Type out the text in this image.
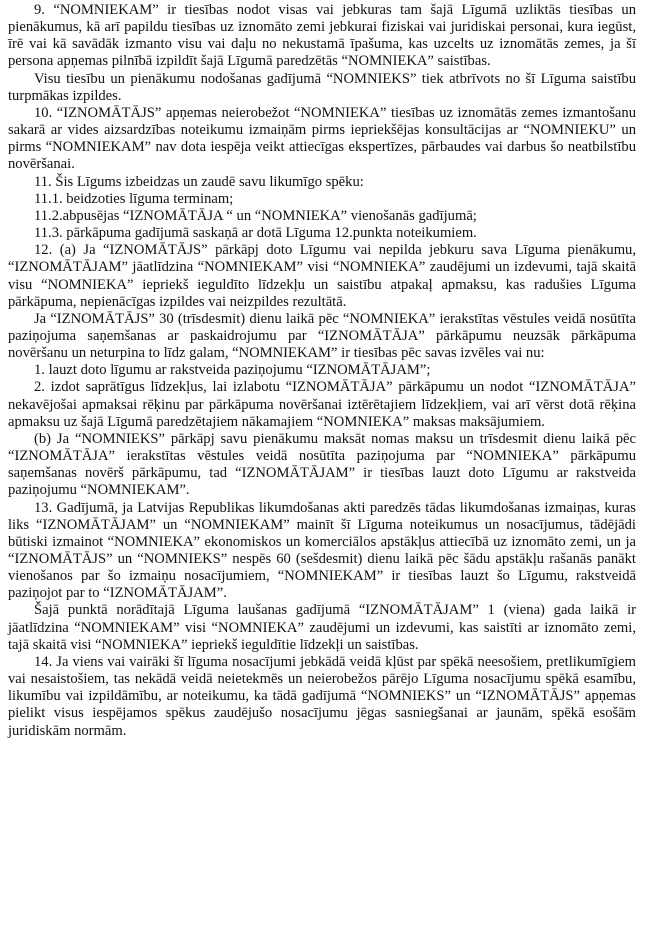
9. “NOMNIEKAM” ir tiesības nodot visas vai jebkuras tam šajā Līgumā uzliktās tiesības un pienākumus, kā arī papildu tiesības uz iznomāto zemi jebkurai fiziskai vai juridiskai personai, kura iegūst, īrē vai kā savādāk izmanto visu vai daļu no nekustamā īpašuma, kas uzcelts uz iznomātās zemes, ja šī persona apņemas pilnībā izpildīt šajā Līgumā paredzētās “NOMNIEKA” saistības.

Visu tiesību un pienākumu nodošanas gadījumā “NOMNIEKS” tiek atbrīvots no šī Līguma saistību turpmākas izpildes.

10. “IZNOMĀTĀJS” apņemas neierobežot “NOMNIEKA” tiesības uz iznomātās zemes izmantošanu sakarā ar vides aizsardzības noteikumu izmaiņām pirms iepriekšējas konsultācijas ar “NOMNIEKU” un pirms “NOMNIEKAM” nav dota iespēja veikt attiecīgas ekspertīzes, pārbaudes vai darbus šo neatbilstību novēršanai.

11. Šis Līgums izbeidzas un zaudē savu likumīgo spēku:

11.1. beidzoties līguma terminam;

11.2.abpusējas “IZNOMĀTĀJA “ un “NOMNIEKA” vienošanās gadījumā;

11.3. pārkāpuma gadījumā saskaņā ar dotā Līguma 12.punkta noteikumiem.

12. (a) Ja “IZNOMĀTĀJS” pārkāpj doto Līgumu vai nepilda jebkuru sava Līguma pienākumu, “IZNOMĀTĀJAM” jāatlīdzina “NOMNIEKAM” visi “NOMNIEKA” zaudējumi un izdevumi, tajā skaitā visu “NOMNIEKA” iepriekš ieguldīto līdzekļu un saistību atpakaļ apmaksu, kas radušies Līguma pārkāpuma, nepienācīgas izpildes vai neizpildes rezultātā.

Ja “IZNOMĀTĀJS” 30 (trīsdesmit) dienu laikā pēc “NOMNIEKA” ierakstītas vēstules veidā nosūtīta paziņojuma saņemšanas ar paskaidrojumu par “IZNOMĀTĀJA” pārkāpumu neuzsāk pārkāpuma novēršanu un neturpina to līdz galam, “NOMNIEKAM” ir tiesības pēc savas izvēles vai nu:

1. lauzt doto līgumu ar rakstveida paziņojumu “IZNOMĀTĀJAM”;

2. izdot saprātīgus līdzekļus, lai izlabotu “IZNOMĀTĀJA” pārkāpumu un nodot “IZNOMĀTĀJA” nekavējošai apmaksai rēķinu par pārkāpuma novēršanai iztērētajiem līdzekļiem, vai arī vērst dotā rēķina apmaksu uz šajā Līgumā paredzētajiem nākamajiem “NOMNIEKA” maksas maksājumiem.

(b) Ja “NOMNIEKS” pārkāpj savu pienākumu maksāt nomas maksu un trīsdesmit dienu laikā pēc “IZNOMĀTĀJA” ierakstītas vēstules veidā nosūtīta paziņojuma par “NOMNIEKA” pārkāpumu saņemšanas novērš pārkāpumu, tad “IZNOMĀTĀJAM” ir tiesības lauzt doto Līgumu ar rakstveida paziņojumu “NOMNIEKAM”.

13. Gadījumā, ja Latvijas Republikas likumdošanas akti paredzēs tādas likumdošanas izmaiņas, kuras liks “IZNOMĀTĀJAM” un “NOMNIEKAM” mainīt šī Līguma noteikumus un nosacījumus, tādējādi būtiski izmainot “NOMNIEKA” ekonomiskos un komerciālos apstākļus attiecībā uz iznomāto zemi, un ja “IZNOMĀTĀJS” un “NOMNIEKS” nespēs 60 (sešdesmit) dienu laikā pēc šādu apstākļu rašanās panākt vienošanos par šo izmaiņu nosacījumiem, “NOMNIEKAM” ir tiesības lauzt šo Līgumu, rakstveidā paziņojot par to “IZNOMĀTĀJAM”.

Šajā punktā norādītajā Līguma laušanas gadījumā “IZNOMĀTĀJAM” 1 (viena) gada laikā ir jāatlīdzina “NOMNIEKAM” visi “NOMNIEKA” zaudējumi un izdevumi, kas saistīti ar iznomāto zemi, tajā skaitā visi “NOMNIEKA” iepriekš ieguldītie līdzekļi un saistības.

14. Ja viens vai vairāki šī līguma nosacījumi jebkādā veidā kļūst par spēkā neesošiem, pretlikumīgiem vai nesaistošiem, tas nekādā veidā neietekmēs un neierobežos pārējo Līguma nosacījumu spēkā esamību, likumību vai izpildāmību, ar noteikumu, ka tādā gadījumā “NOMNIEKS” un “IZNOMĀTĀJS” apņemas pielikt visus iespējamos spēkus zaudējušo nosacījumu jēgas sasniegšanai ar jaunām, spēkā esošām juridiskām normām.
